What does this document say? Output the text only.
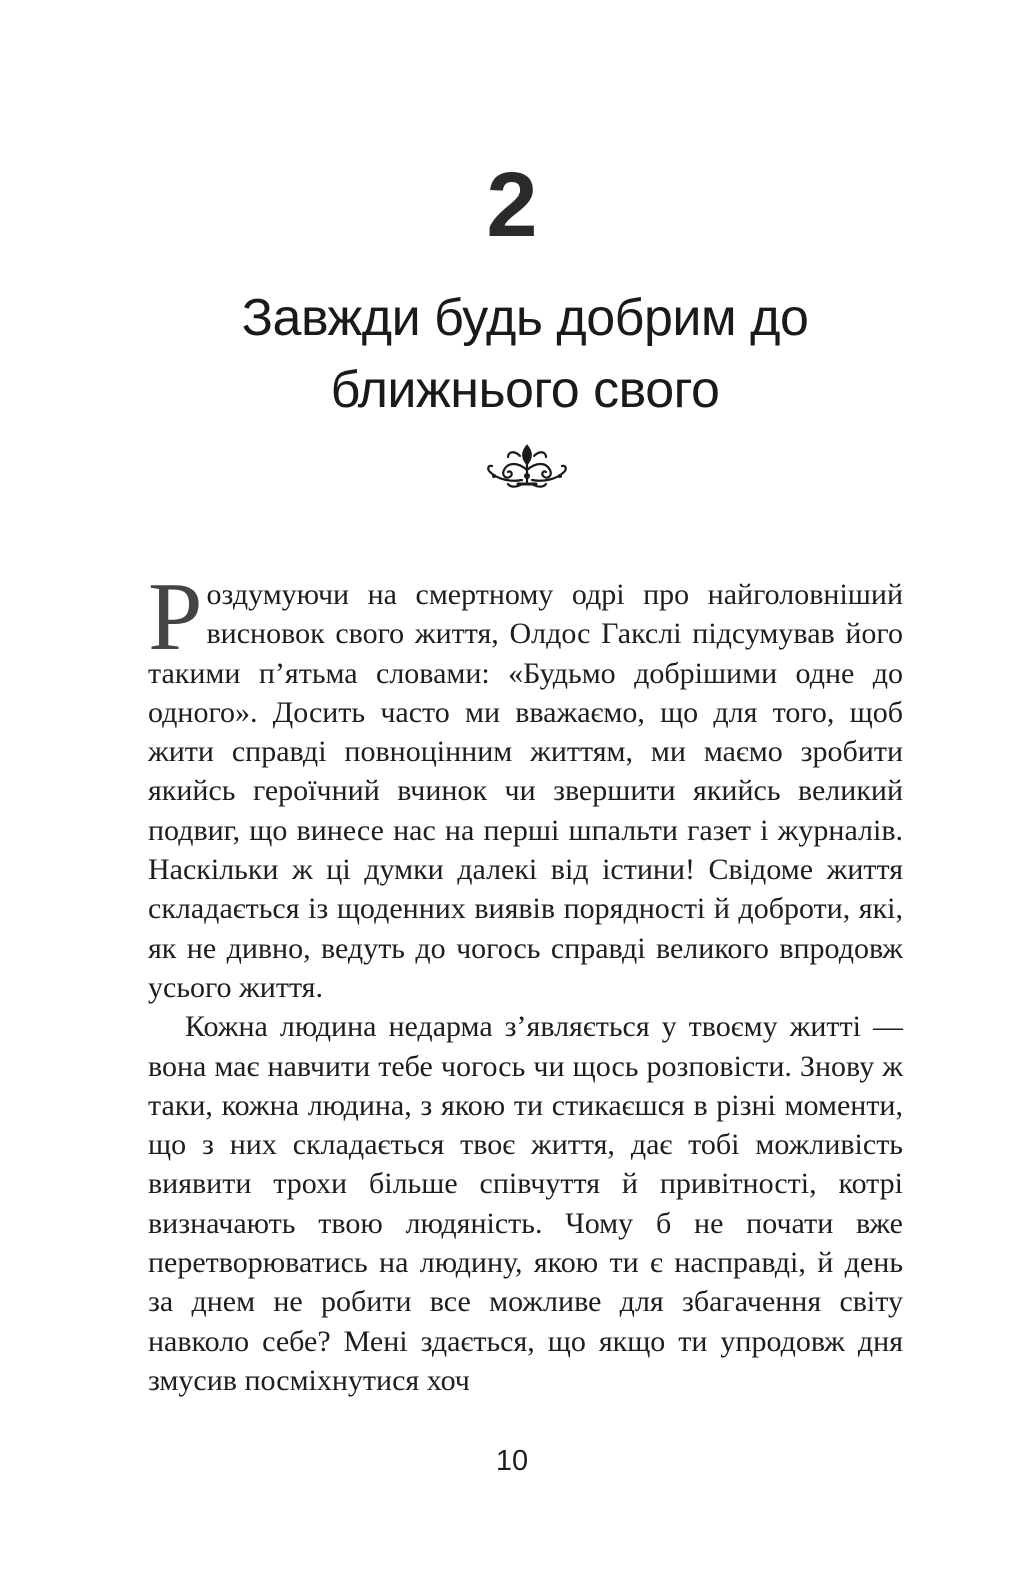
2
Завжди будь добрим до ближнього свого

Роздумуючи на смертному одрі про найголовніший висновок свого життя, Олдос Гакслі підсумував його такими п’ятьма словами: «Будьмо добрішими одне до одного». Досить часто ми вважаємо, що для того, щоб жити справді повноцінним життям, ми маємо зробити якийсь героїчний вчинок чи звершити якийсь великий подвиг, що винесе нас на перші шпальти газет і журналів. Наскільки ж ці думки далекі від істини! Свідоме життя складається із щоденних виявів порядності й доброти, які, як не дивно, ведуть до чогось справді великого впродовж усього життя.

Кожна людина недарма з’являється у твоєму житті — вона має навчити тебе чогось чи щось розповісти. Знову ж таки, кожна людина, з якою ти стикаєшся в різні моменти, що з них складається твоє життя, дає тобі можливість виявити трохи більше співчуття й привітності, котрі визначають твою людяність. Чому б не почати вже перетворюватись на людину, якою ти є насправді, й день за днем не робити все можливе для збагачення світу навколо себе? Мені здається, що якщо ти упродовж дня змусив посміхнутися хоч

10
